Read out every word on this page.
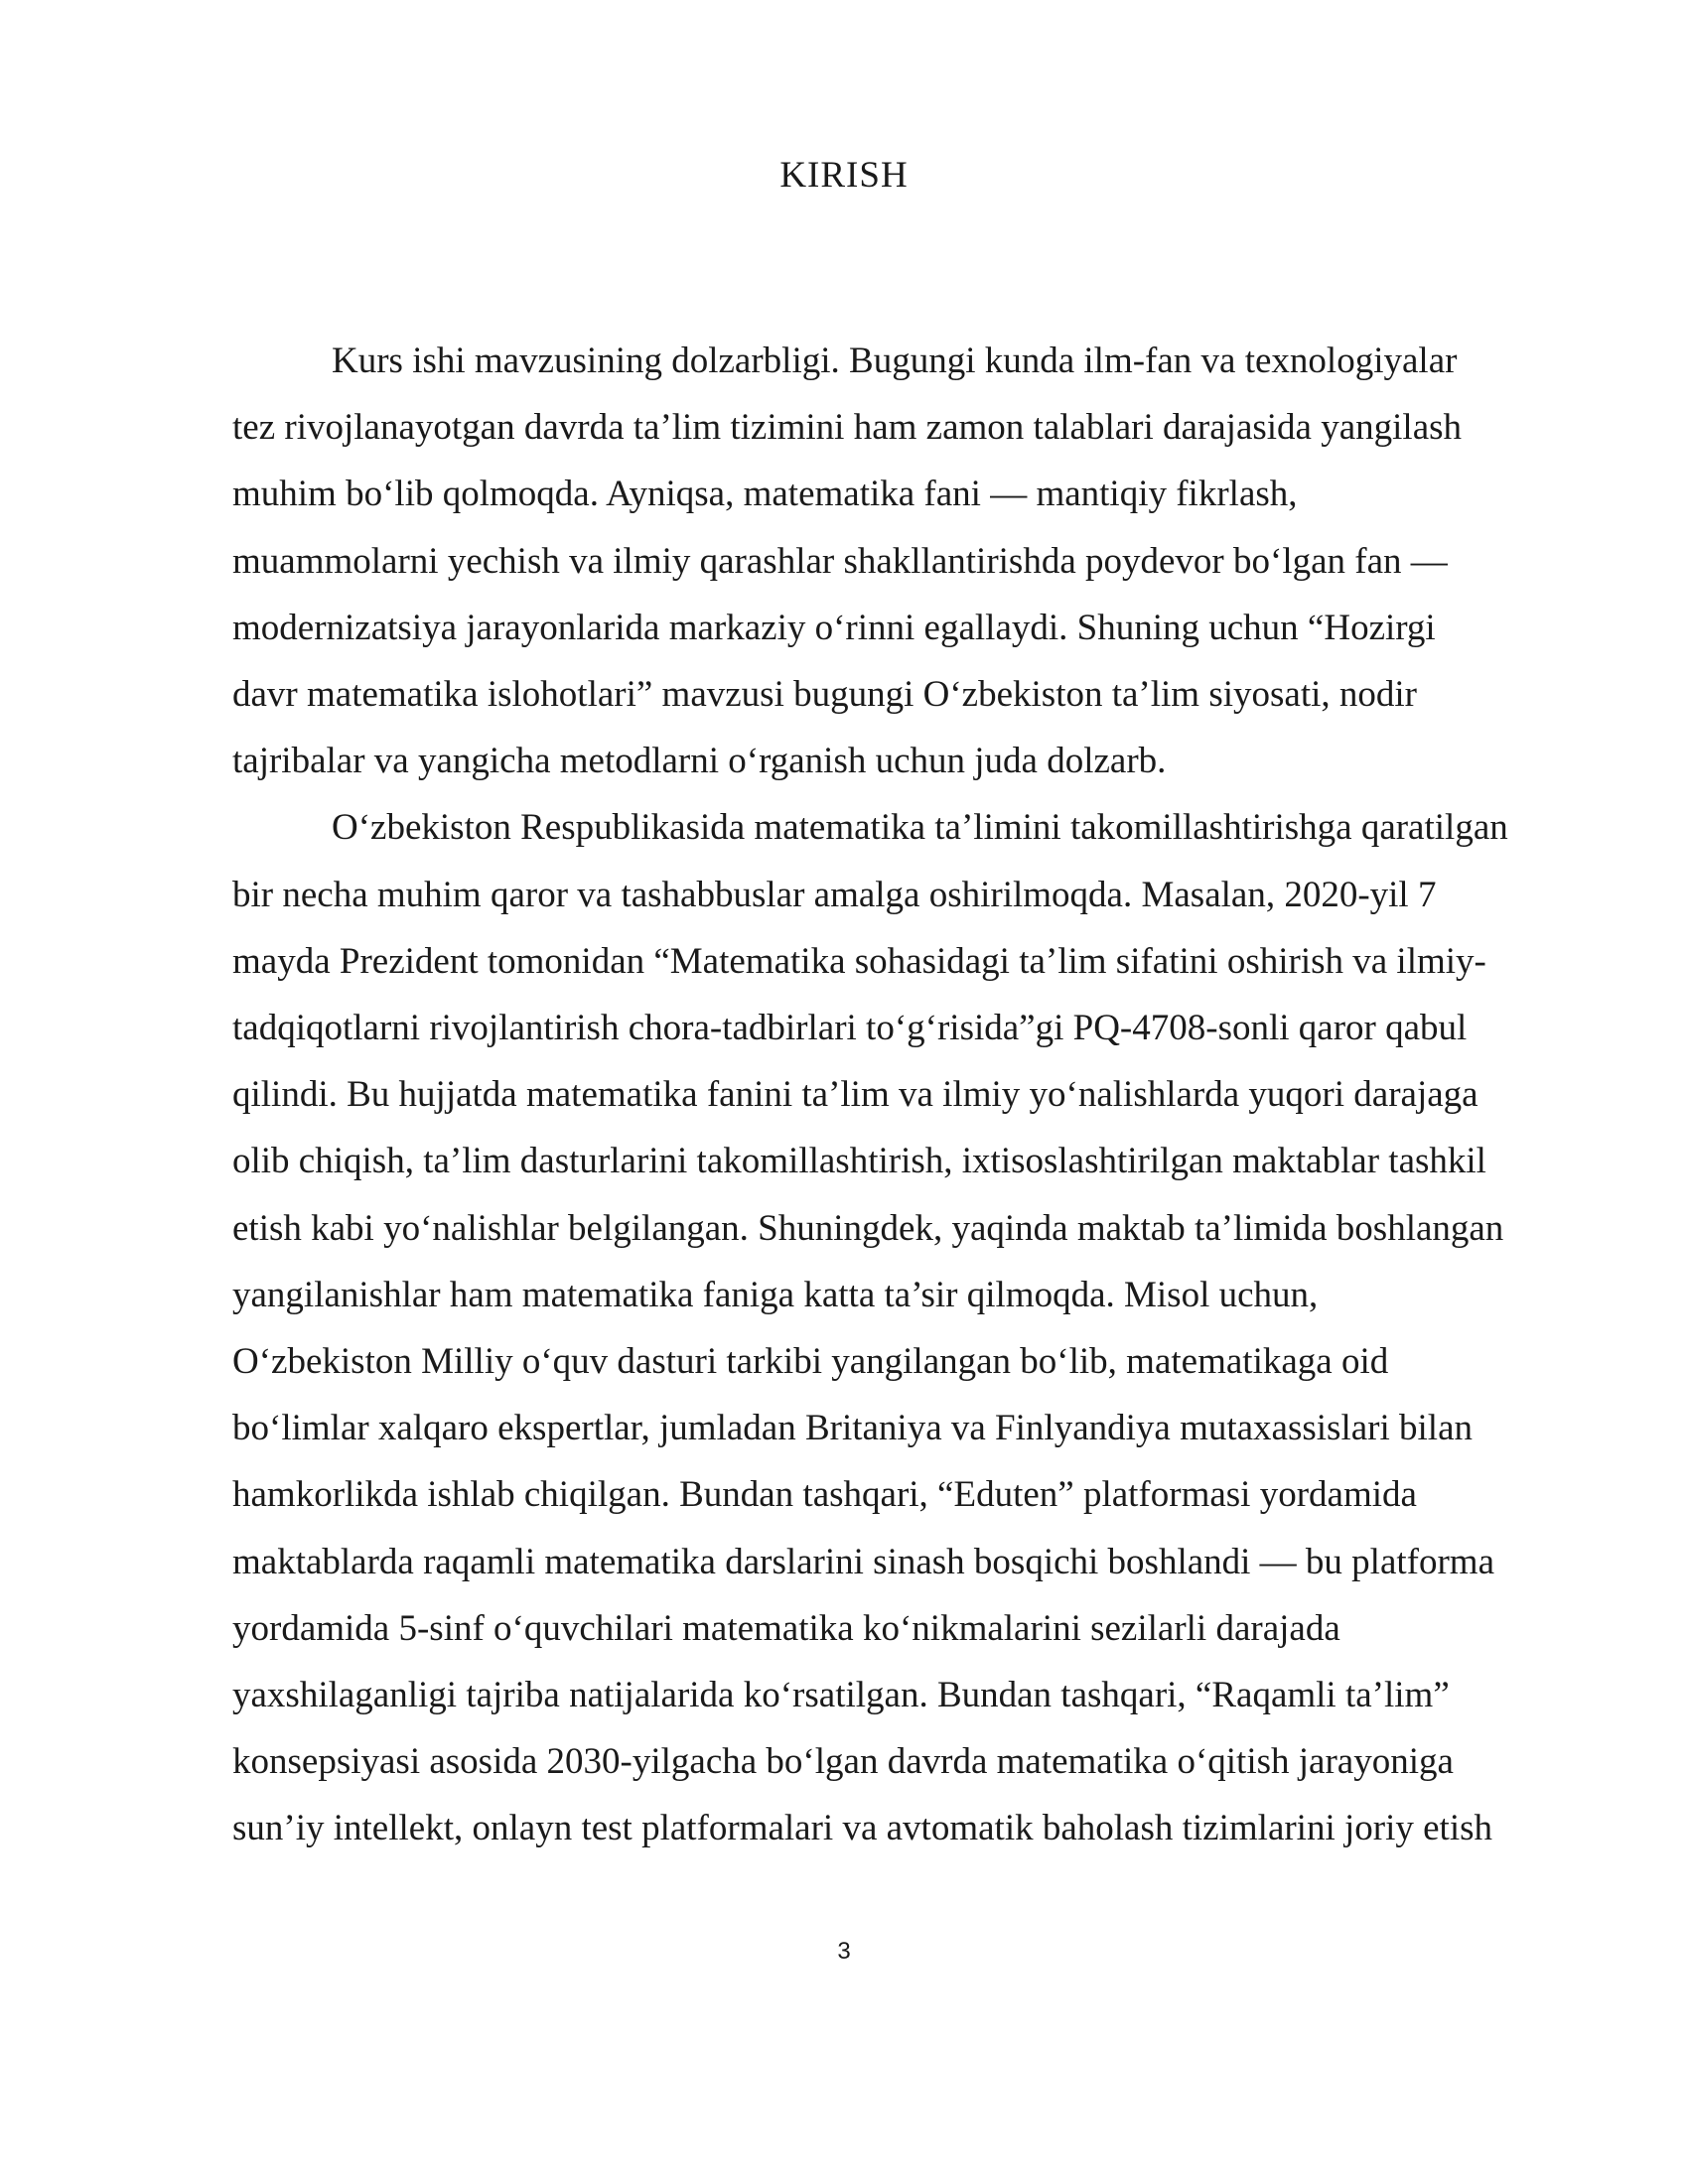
KIRISH
Kurs ishi mavzusining dolzarbligi. Bugungi kunda ilm-fan va texnologiyalar
tez rivojlanayotgan davrda ta’lim tizimini ham zamon talablari darajasida yangilash
muhim bo‘lib qolmoqda. Ayniqsa, matematika fani — mantiqiy fikrlash,
muammolarni yechish va ilmiy qarashlar shakllantirishda poydevor bo‘lgan fan —
modernizatsiya jarayonlarida markaziy o‘rinni egallaydi. Shuning uchun “Hozirgi
davr matematika islohotlari” mavzusi bugungi O‘zbekiston ta’lim siyosati, nodir
tajribalar va yangicha metodlarni o‘rganish uchun juda dolzarb.
O‘zbekiston Respublikasida matematika ta’limini takomillashtirishga qaratilgan
bir necha muhim qaror va tashabbuslar amalga oshirilmoqda. Masalan, 2020-yil 7
mayda Prezident tomonidan “Matematika sohasidagi ta’lim sifatini oshirish va ilmiy-
tadqiqotlarni rivojlantirish chora-tadbirlari to‘g‘risida”gi PQ-4708-sonli qaror qabul
qilindi. Bu hujjatda matematika fanini ta’lim va ilmiy yo‘nalishlarda yuqori darajaga
olib chiqish, ta’lim dasturlarini takomillashtirish, ixtisoslashtirilgan maktablar tashkil
etish kabi yo‘nalishlar belgilangan. Shuningdek, yaqinda maktab ta’limida boshlangan
yangilanishlar ham matematika faniga katta ta’sir qilmoqda. Misol uchun,
O‘zbekiston Milliy o‘quv dasturi tarkibi yangilangan bo‘lib, matematikaga oid
bo‘limlar xalqaro ekspertlar, jumladan Britaniya va Finlyandiya mutaxassislari bilan
hamkorlikda ishlab chiqilgan. Bundan tashqari, “Eduten” platformasi yordamida
maktablarda raqamli matematika darslarini sinash bosqichi boshlandi — bu platforma
yordamida 5-sinf o‘quvchilari matematika ko‘nikmalarini sezilarli darajada
yaxshilaganligi tajriba natijalarida ko‘rsatilgan. Bundan tashqari, “Raqamli ta’lim”
konsepsiyasi asosida 2030-yilgacha bo‘lgan davrda matematika o‘qitish jarayoniga
sun’iy intellekt, onlayn test platformalari va avtomatik baholash tizimlarini joriy etish
3
